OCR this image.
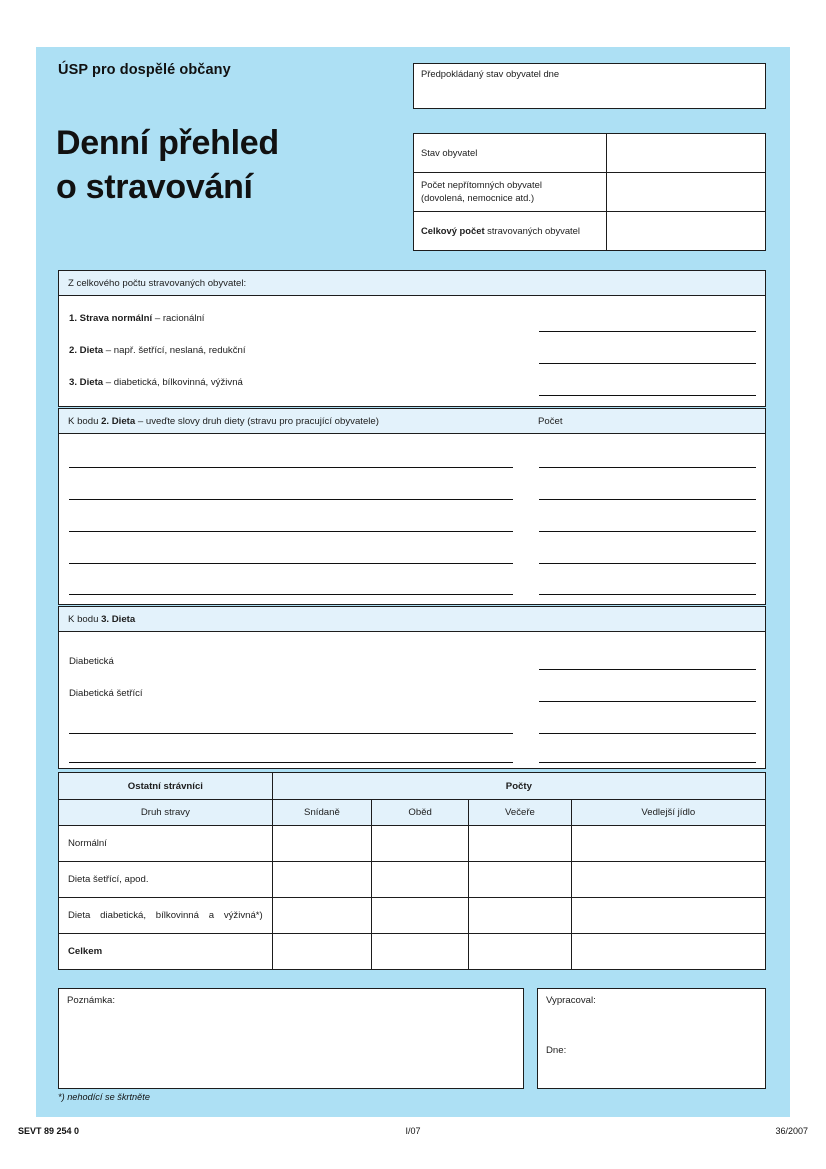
ÚSP pro dospělé občany
Denní přehled
o stravování
Předpokládaný stav obyvatel dne
Stav obyvatel	
Počet nepřítomných obyvatel
(dovolená, nemocnice atd.)	
Celkový počet stravovaných obyvatel	
Z celkového počtu stravovaných obyvatel:
1. Strava normální – racionální
2. Dieta – např. šetřící, neslaná, redukční
3. Dieta – diabetická, bílkovinná, výživná
K bodu 2. Dieta – uveďte slovy druh diety (stravu pro pracující obyvatele)	Počet
K bodu 3. Dieta
Diabetická
Diabetická šetřící
Ostatní strávníci	Počty			
Druh stravy	Snídaně	Oběd	Večeře	Vedlejší jídlo
Normální				
Dieta šetřící, apod.				
Dieta diabetická, bílkovinná a výživná*)				
Celkem				
Poznámka:	Vypracoval:
Dne:
*) nehodící se škrtněte
SEVT 89 254 0	I/07	36/2007
